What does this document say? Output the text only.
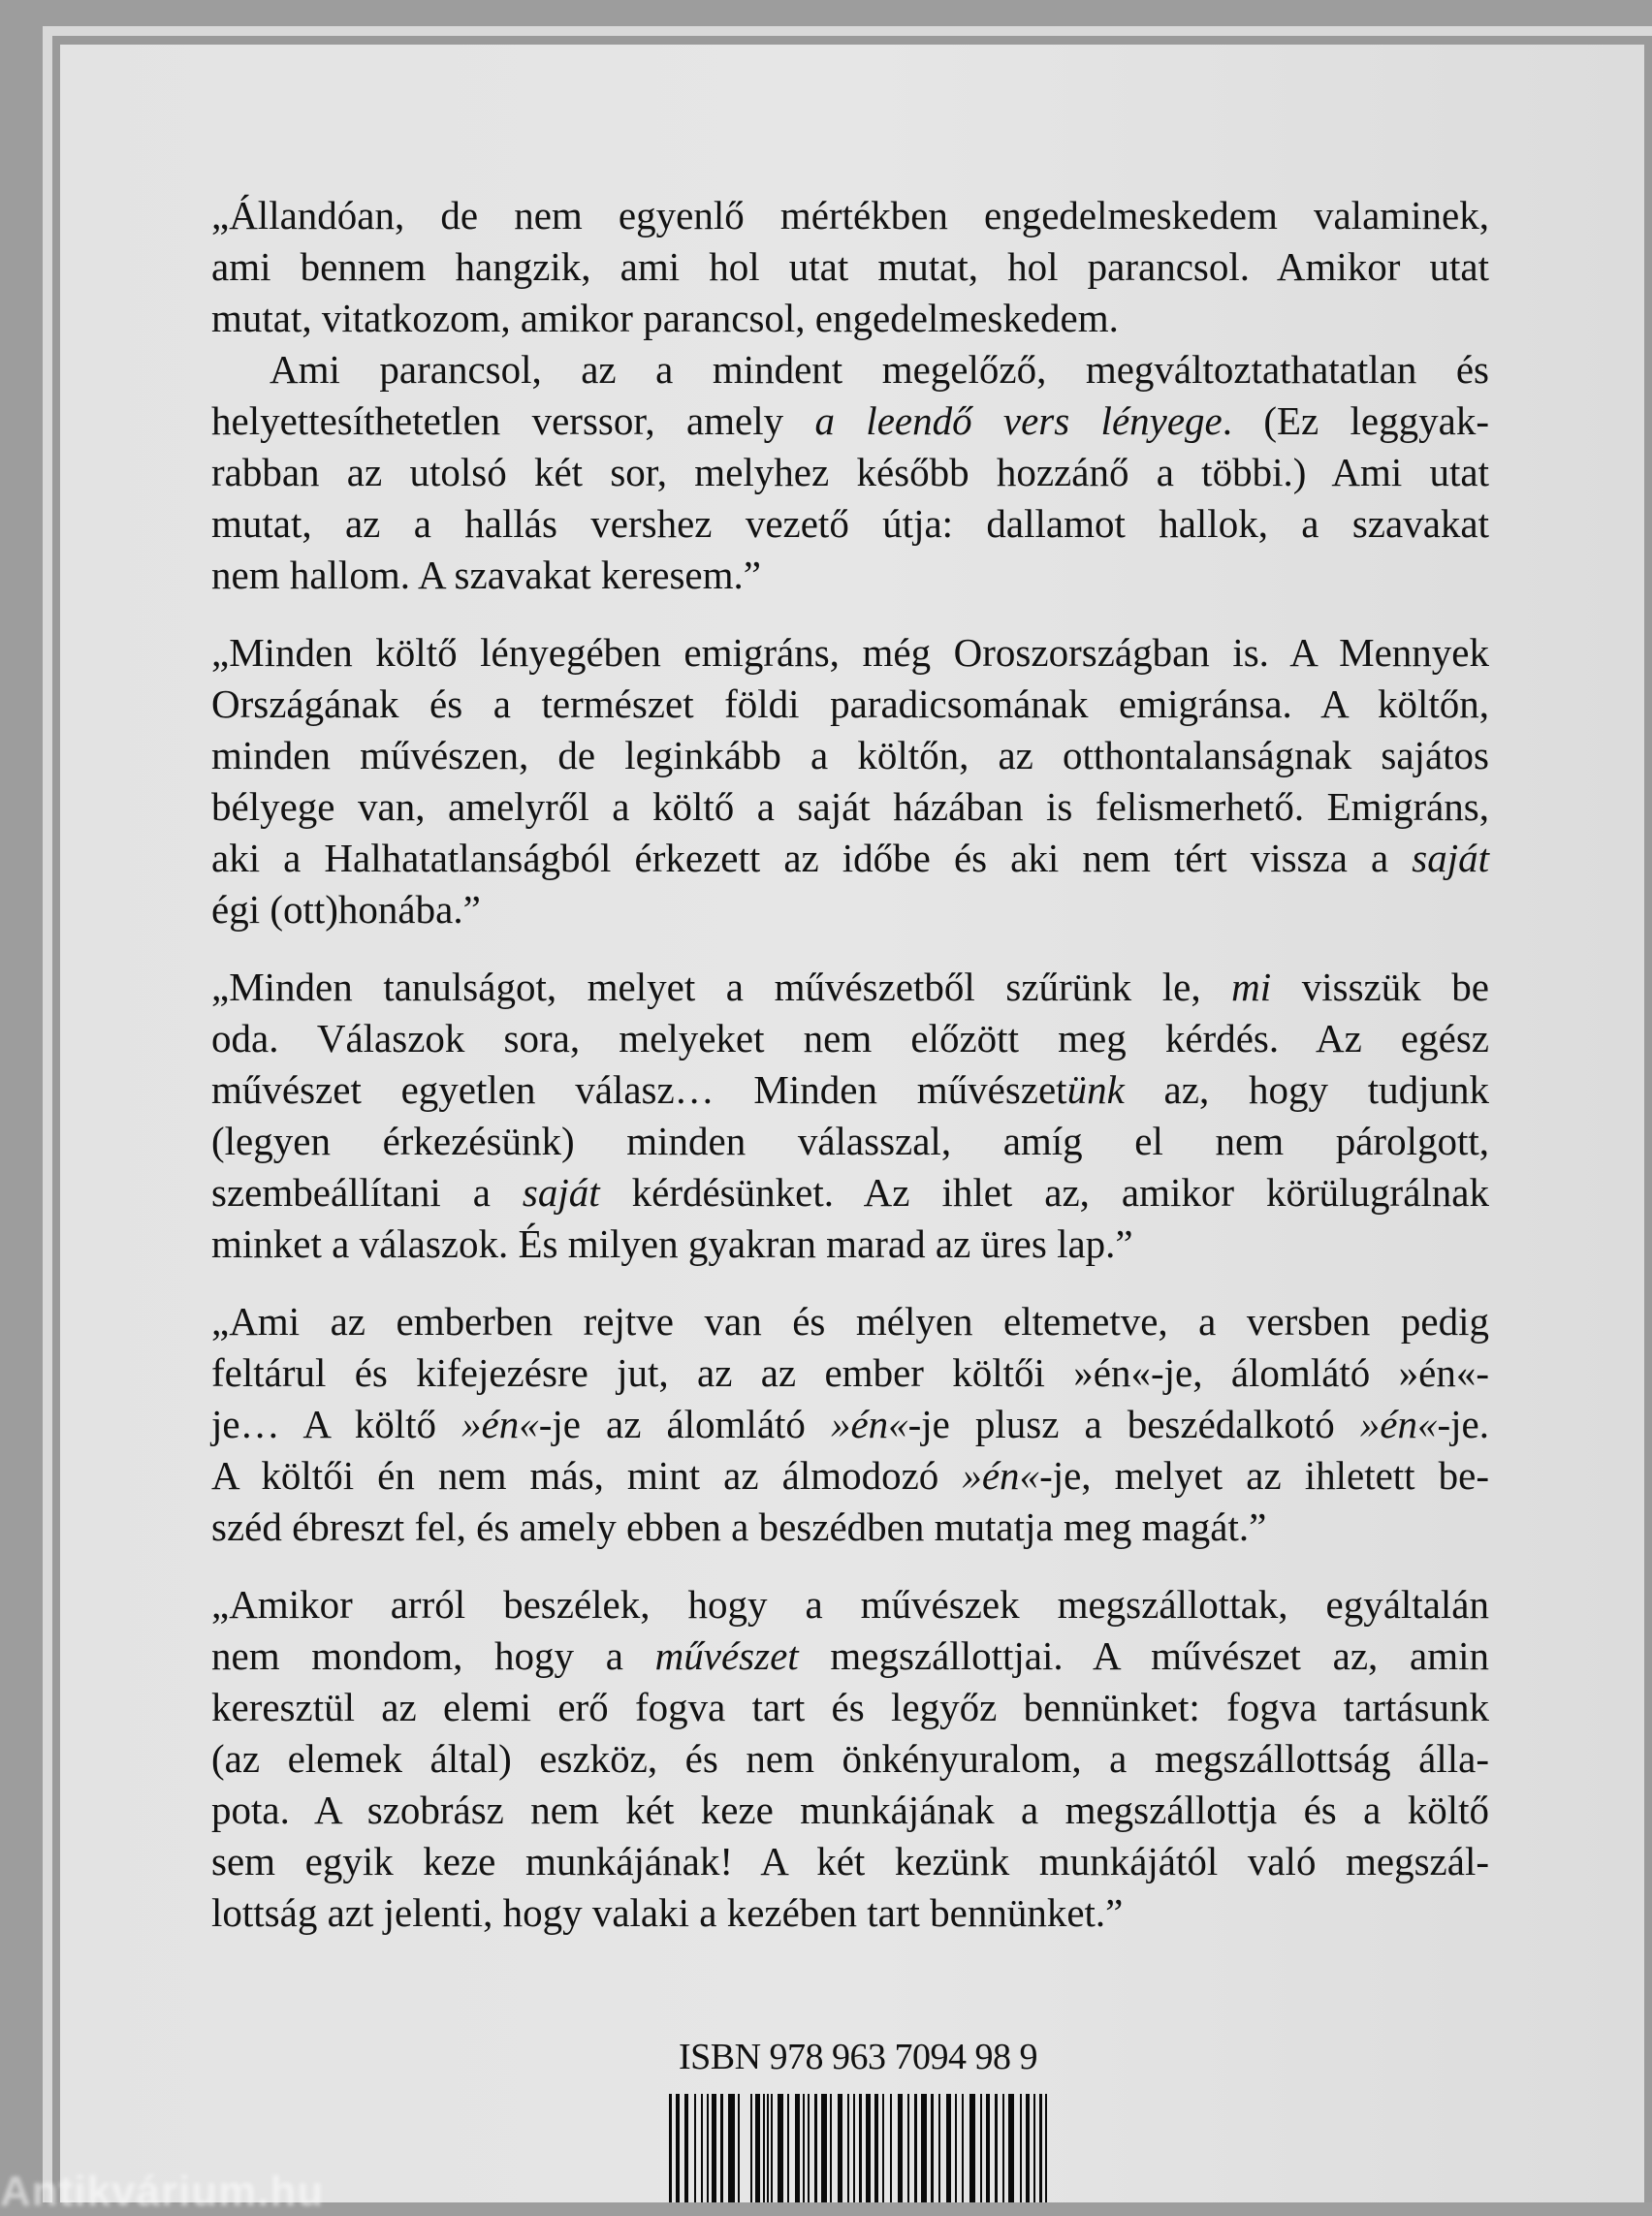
„Állandóan, de nem egyenlő mértékben engedelmeskedem valaminek,
ami bennem hangzik, ami hol utat mutat, hol parancsol. Amikor utat
mutat, vitatkozom, amikor parancsol, engedelmeskedem.
Ami parancsol, az a mindent megelőző, megváltoztathatatlan és
helyettesíthetetlen verssor, amely a leendő vers lényege. (Ez leggyak-
rabban az utolsó két sor, melyhez később hozzánő a többi.) Ami utat
mutat, az a hallás vershez vezető útja: dallamot hallok, a szavakat
nem hallom. A szavakat keresem.”
„Minden költő lényegében emigráns, még Oroszországban is. A Mennyek
Országának és a természet földi paradicsomának emigránsa. A költőn,
minden művészen, de leginkább a költőn, az otthontalanságnak sajátos
bélyege van, amelyről a költő a saját házában is felismerhető. Emigráns,
aki a Halhatatlanságból érkezett az időbe és aki nem tért vissza a saját
égi (ott)honába.”
„Minden tanulságot, melyet a művészetből szűrünk le, mi visszük be
oda. Válaszok sora, melyeket nem előzött meg kérdés. Az egész
művészet egyetlen válasz… Minden művészetünk az, hogy tudjunk
(legyen érkezésünk) minden válasszal, amíg el nem párolgott,
szembeállítani a saját kérdésünket. Az ihlet az, amikor körülugrálnak
minket a válaszok. És milyen gyakran marad az üres lap.”
„Ami az emberben rejtve van és mélyen eltemetve, a versben pedig
feltárul és kifejezésre jut, az az ember költői »én«-je, álomlátó »én«-
je… A költő »én«-je az álomlátó »én«-je plusz a beszédalkotó »én«-je.
A költői én nem más, mint az álmodozó »én«-je, melyet az ihletett be-
széd ébreszt fel, és amely ebben a beszédben mutatja meg magát.”
„Amikor arról beszélek, hogy a művészek megszállottak, egyáltalán
nem mondom, hogy a művészet megszállottjai. A művészet az, amin
keresztül az elemi erő fogva tart és legyőz bennünket: fogva tartásunk
(az elemek által) eszköz, és nem önkényuralom, a megszállottság álla-
pota. A szobrász nem két keze munkájának a megszállottja és a költő
sem egyik keze munkájának! A két kezünk munkájától való megszál-
lottság azt jelenti, hogy valaki a kezében tart bennünket.”
ISBN 978 963 7094 98 9
Antikvárium.hu
